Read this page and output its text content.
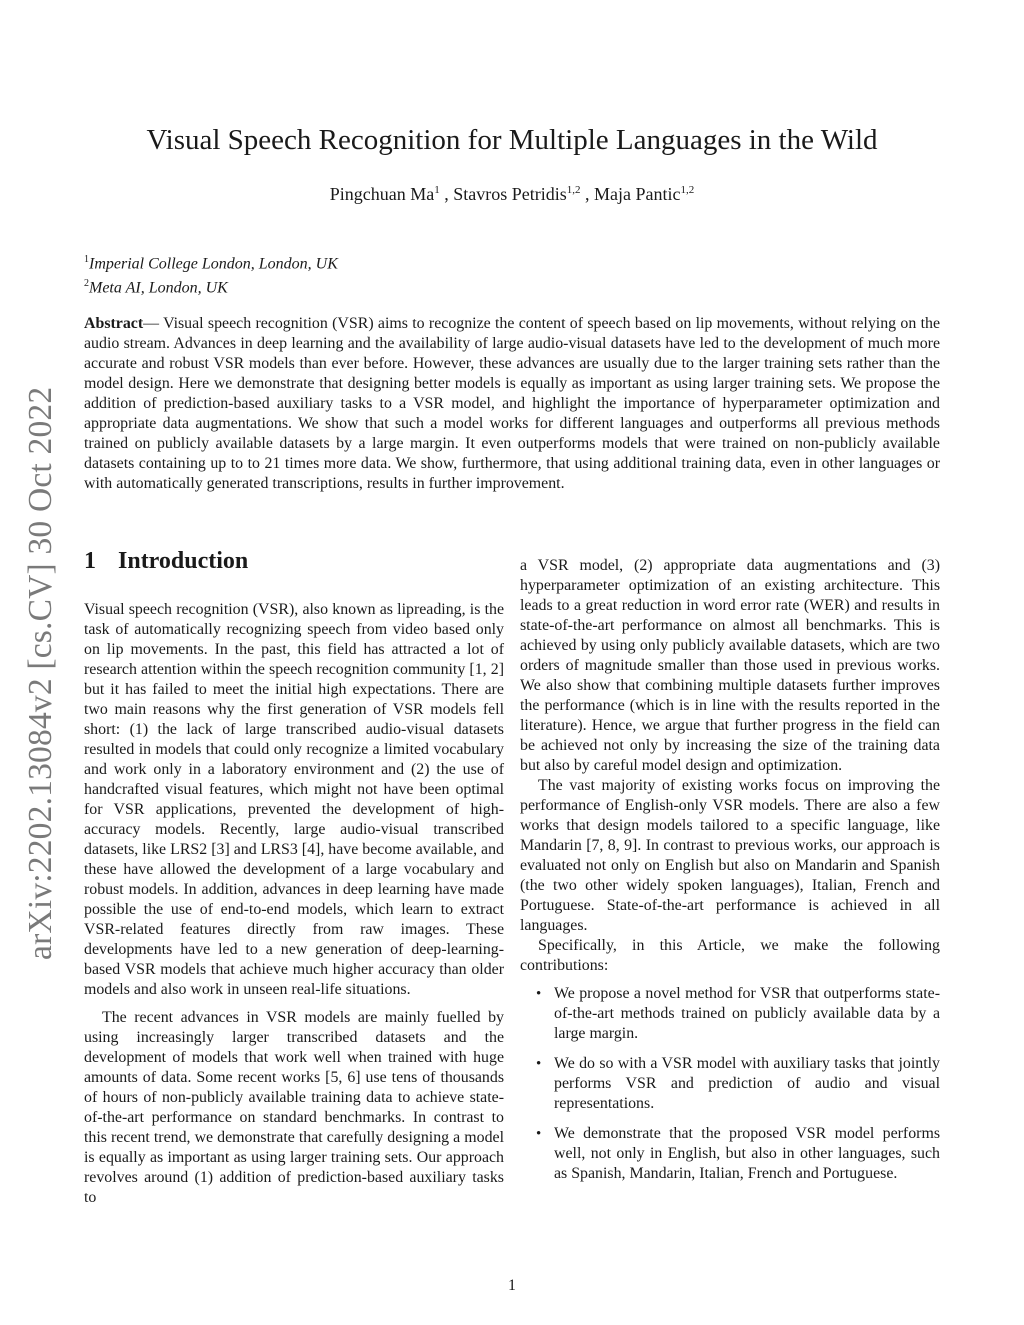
arXiv:2202.13084v2 [cs.CV] 30 Oct 2022
Visual Speech Recognition for Multiple Languages in the Wild
Pingchuan Ma$^1$ , Stavros Petridis$^{1,2}$ , Maja Pantic$^{1,2}$
$^1$Imperial College London, London, UK
$^2$Meta AI, London, UK
Abstract— Visual speech recognition (VSR) aims to recognize the content of speech based on lip movements, without relying on the audio stream. Advances in deep learning and the availability of large audio-visual datasets have led to the development of much more accurate and robust VSR models than ever before. However, these advances are usually due to the larger training sets rather than the model design. Here we demonstrate that designing better models is equally as important as using larger training sets. We propose the addition of prediction-based auxiliary tasks to a VSR model, and highlight the importance of hyperparameter optimization and appropriate data augmentations. We show that such a model works for different languages and outperforms all previous methods trained on publicly available datasets by a large margin. It even outperforms models that were trained on non-publicly available datasets containing up to to 21 times more data. We show, furthermore, that using additional training data, even in other languages or with automatically generated transcriptions, results in further improvement.
1 Introduction

Visual speech recognition (VSR), also known as lipreading, is the task of automatically recognizing speech from video based only on lip movements. In the past, this field has attracted a lot of research attention within the speech recognition community [1, 2] but it has failed to meet the initial high expectations. There are two main reasons why the first generation of VSR models fell short: (1) the lack of large transcribed audio-visual datasets resulted in models that could only recognize a limited vocabulary and work only in a laboratory environment and (2) the use of handcrafted visual features, which might not have been optimal for VSR applications, prevented the development of high-accuracy models. Recently, large audio-visual transcribed datasets, like LRS2 [3] and LRS3 [4], have become available, and these have allowed the development of a large vocabulary and robust models. In addition, advances in deep learning have made possible the use of end-to-end models, which learn to extract VSR-related features directly from raw images. These developments have led to a new generation of deep-learning-based VSR models that achieve much higher accuracy than older models and also work in unseen real-life situations.

The recent advances in VSR models are mainly fuelled by using increasingly larger transcribed datasets and the development of models that work well when trained with huge amounts of data. Some recent works [5, 6] use tens of thousands of hours of non-publicly available training data to achieve state-of-the-art performance on standard benchmarks. In contrast to this recent trend, we demonstrate that carefully designing a model is equally as important as using larger training sets. Our approach revolves around (1) addition of prediction-based auxiliary tasks to

a VSR model, (2) appropriate data augmentations and (3) hyperparameter optimization of an existing architecture. This leads to a great reduction in word error rate (WER) and results in state-of-the-art performance on almost all benchmarks. This is achieved by using only publicly available datasets, which are two orders of magnitude smaller than those used in previous works. We also show that combining multiple datasets further improves the performance (which is in line with the results reported in the literature). Hence, we argue that further progress in the field can be achieved not only by increasing the size of the training data but also by careful model design and optimization.

The vast majority of existing works focus on improving the performance of English-only VSR models. There are also a few works that design models tailored to a specific language, like Mandarin [7, 8, 9]. In contrast to previous works, our approach is evaluated not only on English but also on Mandarin and Spanish (the two other widely spoken languages), Italian, French and Portuguese. State-of-the-art performance is achieved in all languages.

Specifically, in this Article, we make the following contributions:

• We propose a novel method for VSR that outperforms state-of-the-art methods trained on publicly available data by a large margin.
• We do so with a VSR model with auxiliary tasks that jointly performs VSR and prediction of audio and visual representations.
• We demonstrate that the proposed VSR model performs well, not only in English, but also in other languages, such as Spanish, Mandarin, Italian, French and Portuguese.
1
